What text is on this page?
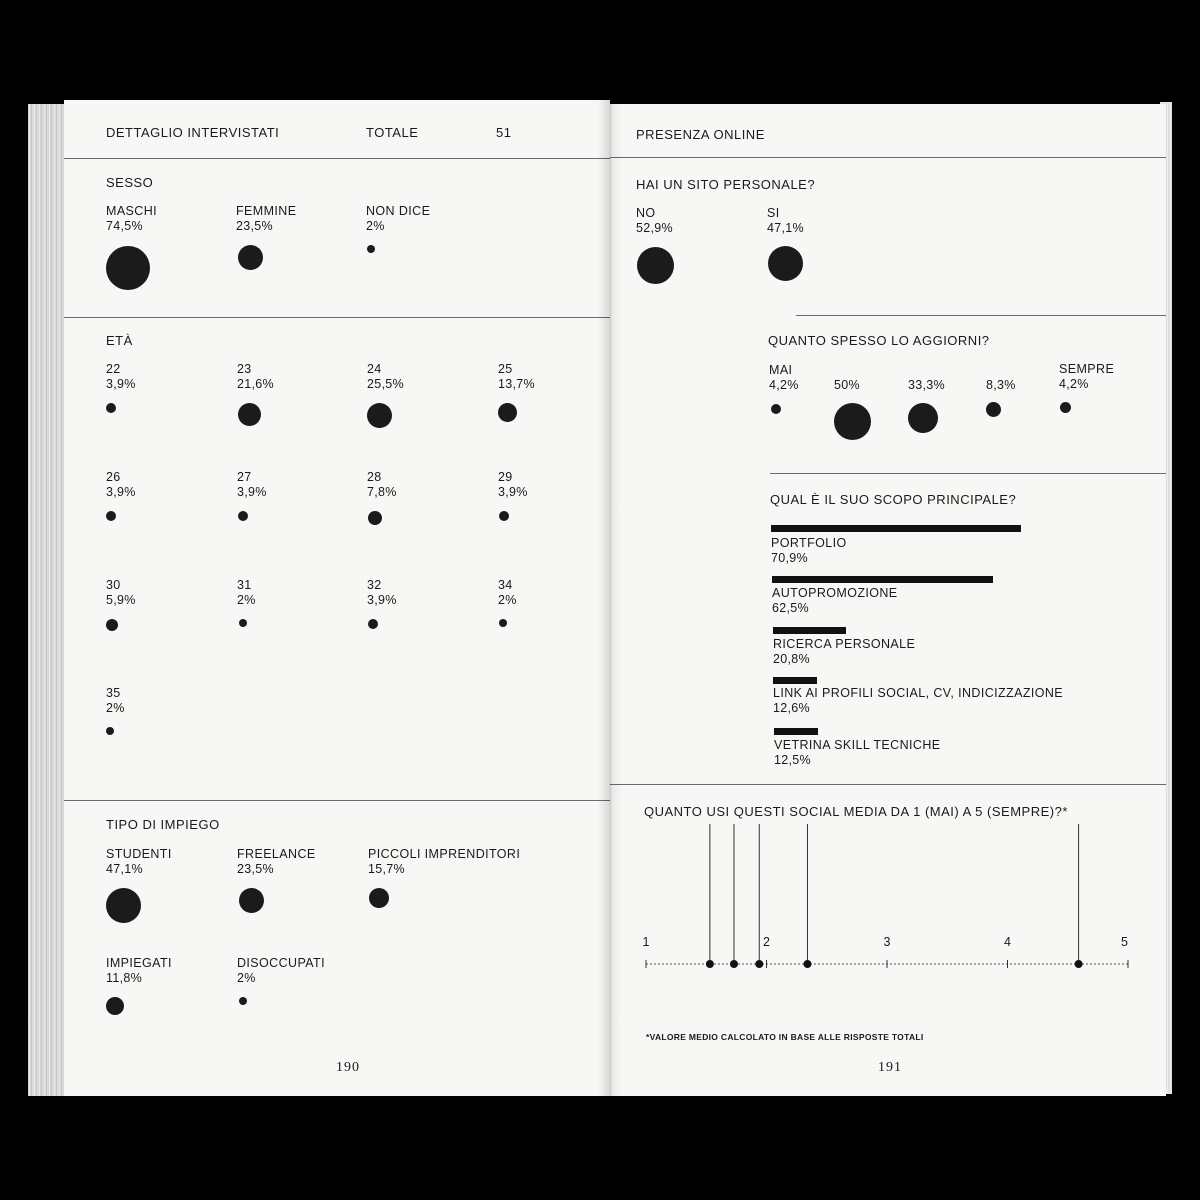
DETTAGLIO INTERVISTATI	TOTALE	51
SESSO
MASCHI
74,5%
FEMMINE
23,5%
NON DICE
2%
ETÀ
22
3,9%
23
21,6%
24
25,5%
25
13,7%
26
3,9%
27
3,9%
28
7,8%
29
3,9%
30
5,9%
31
2%
32
3,9%
34
2%
35
2%
TIPO DI IMPIEGO
STUDENTI
47,1%
FREELANCE
23,5%
PICCOLI IMPRENDITORI
15,7%
IMPIEGATI
11,8%
DISOCCUPATI
2%
190
PRESENZA ONLINE
HAI UN SITO PERSONALE?
NO
52,9%
SI
47,1%
QUANTO SPESSO LO AGGIORNI?
MAI
4,2%	50%	33,3%	8,3%
SEMPRE
4,2%
QUAL È IL SUO SCOPO PRINCIPALE?
PORTFOLIO
70,9%
AUTOPROMOZIONE
62,5%
RICERCA PERSONALE
20,8%
LINK AI PROFILI SOCIAL, CV, INDICIZZAZIONE
12,6%
VETRINA SKILL TECNICHE
12,5%
QUANTO USI QUESTI SOCIAL MEDIA DA 1 (MAI) A 5 (SEMPRE)?*
1	2	3	4	5
*VALORE MEDIO CALCOLATO IN BASE ALLE RISPOSTE TOTALI
191
